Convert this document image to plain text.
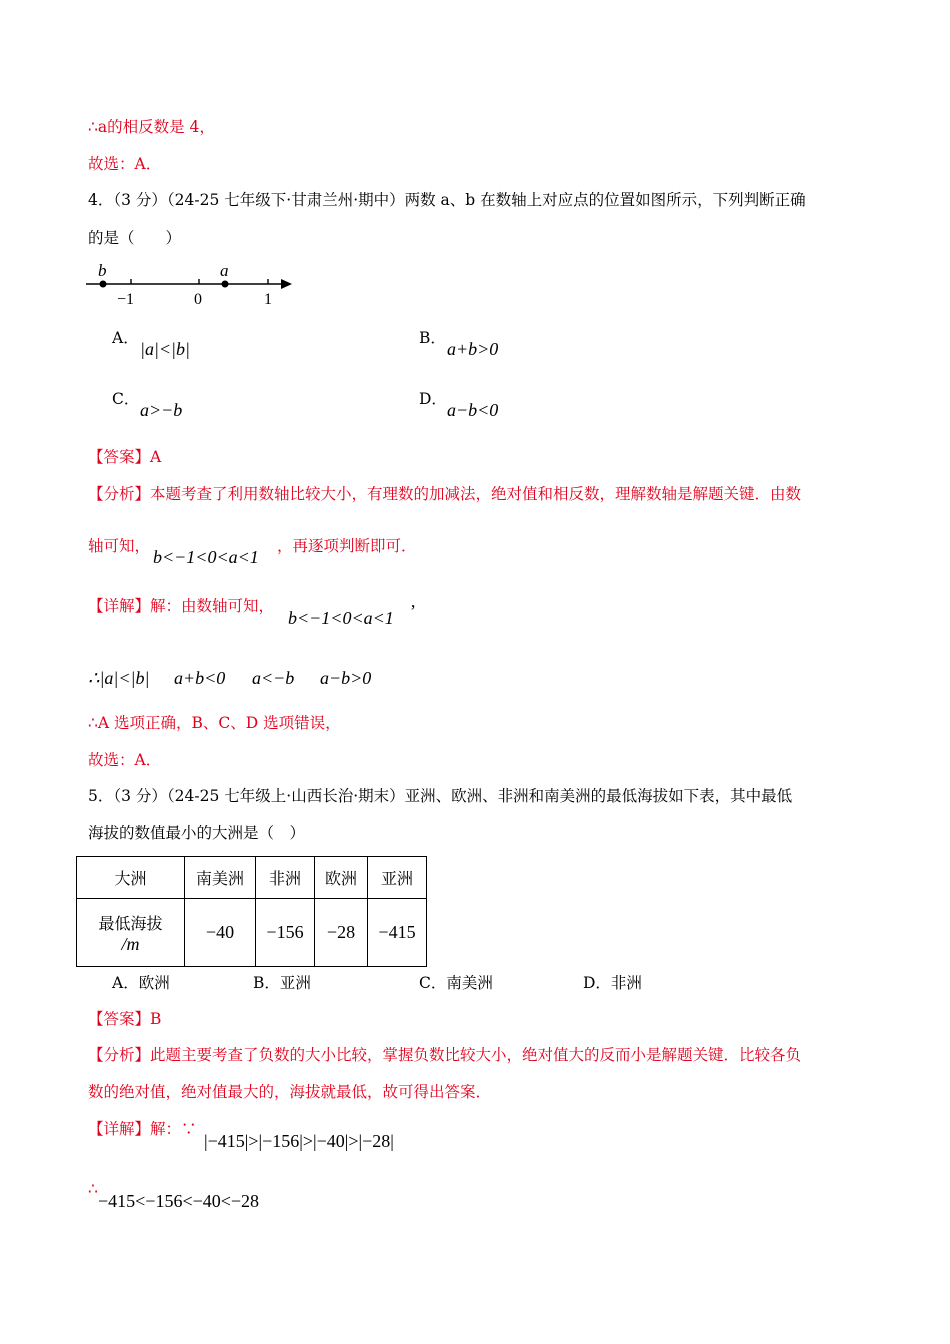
∴a的相反数是 4，
故选：A．
4．（3 分）（24-25 七年级下·甘肃兰州·期中）两数 a、b 在数轴上对应点的位置如图所示，下列判断正确
的是（　　）
b	a
−1	0	1
A．
|a|<|b|
B．
a+b>0
C．
a>−b
D．
a−b<0
【答案】A
【分析】本题考查了利用数轴比较大小，有理数的加减法，绝对值和相反数，理解数轴是解题关键．由数
轴可知，
b<−1<0<a<1
，再逐项判断即可．
【详解】解：由数轴可知，
b<−1<0<a<1 ’
∴|a|<|b| a+b<0 a<−b a−b>0
∴A 选项正确，B、C、D 选项错误，
故选：A．
5．（3 分）（24-25 七年级上·山西长治·期末）亚洲、欧洲、非洲和南美洲的最低海拔如下表，其中最低
海拔的数值最小的大洲是（　）
大洲	南美洲	非洲	欧洲	亚洲

最低海拔
/m	−40	−156	−28	−415
A．欧洲	B．亚洲	C．南美洲	D．非洲
【答案】B
【分析】此题主要考查了负数的大小比较，掌握负数比较大小，绝对值大的反而小是解题关键．比较各负
数的绝对值，绝对值最大的，海拔就最低，故可得出答案．
【详解】解：∵
|−415|>|−156|>|−40|>|−28|
∴
−415<−156<−40<−28
